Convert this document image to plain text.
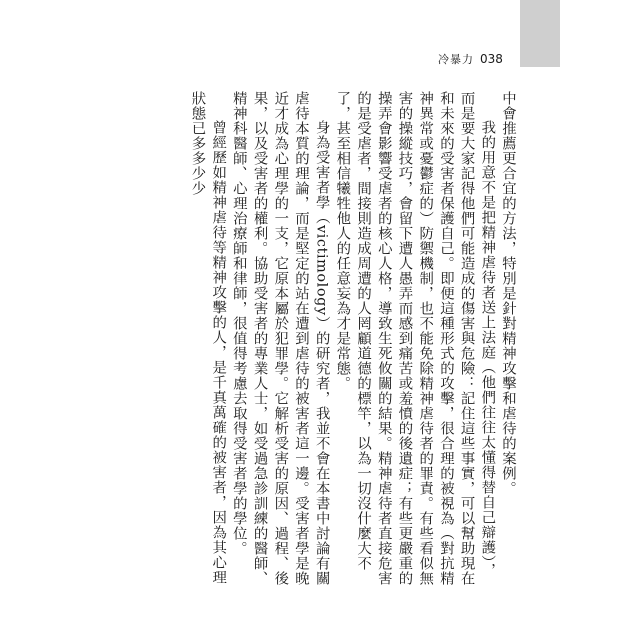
冷暴力 038

中會推薦更合宜的方法，特別是針對精神攻擊和虐待的案例。

我的用意不是把精神虐待者送上法庭（他們往往太懂得替自己辯護），而是要大家記得他們可能造成的傷害與危險：記住這些事實，可以幫助現在和未來的受害者保護自己。即便這種形式的攻擊，很合理的被視為（對抗精神異常或憂鬱症的）防禦機制，也不能免除精神虐待者的罪責。有些看似無害的操縱技巧，會留下遭人愚弄而感到痛苦或羞憤的後遺症；有些更嚴重的操弄會影響受虐者的核心人格，導致生死攸關的結果。精神虐待者直接危害的是受虐者，間接則造成周遭的人罔顧道德的標竿，以為一切沒什麼大不了，甚至相信犧牲他人的任意妄為才是常態。

身為受害者學（victimology）的研究者，我並不會在本書中討論有關虐待本質的理論，而是堅定的站在遭到虐待的被害者這一邊。受害者學是晚近才成為心理學的一支，它原本屬於犯罪學。它解析受害的原因、過程、後果，以及受害者的權利。協助受害者的專業人士，如受過急診訓練的醫師、精神科醫師、心理治療師和律師，很值得考慮去取得受害者學的學位。

曾經歷如精神虐待等精神攻擊的人，是千真萬確的被害者，因為其心理狀態已多多少少
